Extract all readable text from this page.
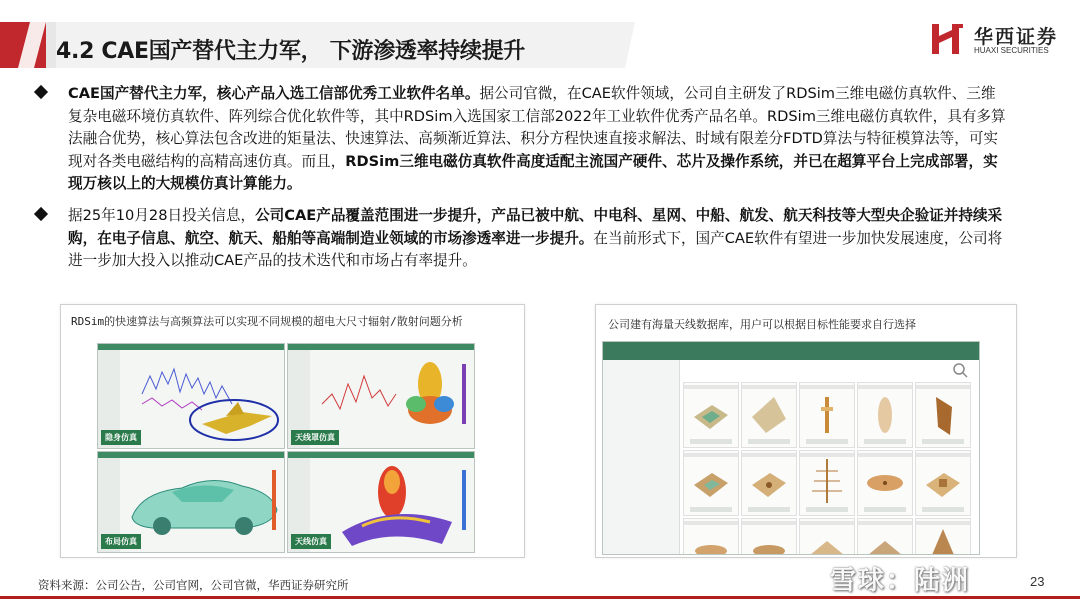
4.2 CAE国产替代主力军， 下游渗透率持续提升
华西证券
HUAXI SECURITIES
CAE国产替代主力军，核心产品入选工信部优秀工业软件名单。据公司官微，在CAE软件领域，公司自主研发了RDSim三维电磁仿真软件、三维复杂电磁环境仿真软件、阵列综合优化软件等，其中RDSim入选国家工信部2022年工业软件优秀产品名单。RDSim三维电磁仿真软件，具有多算法融合优势，核心算法包含改进的矩量法、快速算法、高频渐近算法、积分方程快速直接求解法、时域有限差分FDTD算法与特征模算法等，可实现对各类电磁结构的高精高速仿真。而且，RDSim三维电磁仿真软件高度适配主流国产硬件、芯片及操作系统，并已在超算平台上完成部署，实现万核以上的大规模仿真计算能力。
据25年10月28日投关信息，公司CAE产品覆盖范围进一步提升，产品已被中航、中电科、星网、中船、航发、航天科技等大型央企验证并持续采购，在电子信息、航空、航天、船舶等高端制造业领域的市场渗透率进一步提升。在当前形式下，国产CAE软件有望进一步加快发展速度，公司将进一步加大投入以推动CAE产品的技术迭代和市场占有率提升。
RDSim的快速算法与高频算法可以实现不同规模的超电大尺寸辐射/散射问题分析
隐身仿真	天线罩仿真
布局仿真	天线仿真
公司建有海量天线数据库，用户可以根据目标性能要求自行选择
资料来源：公司公告，公司官网，公司官微，华西证券研究所	雪球：陆洲	23
